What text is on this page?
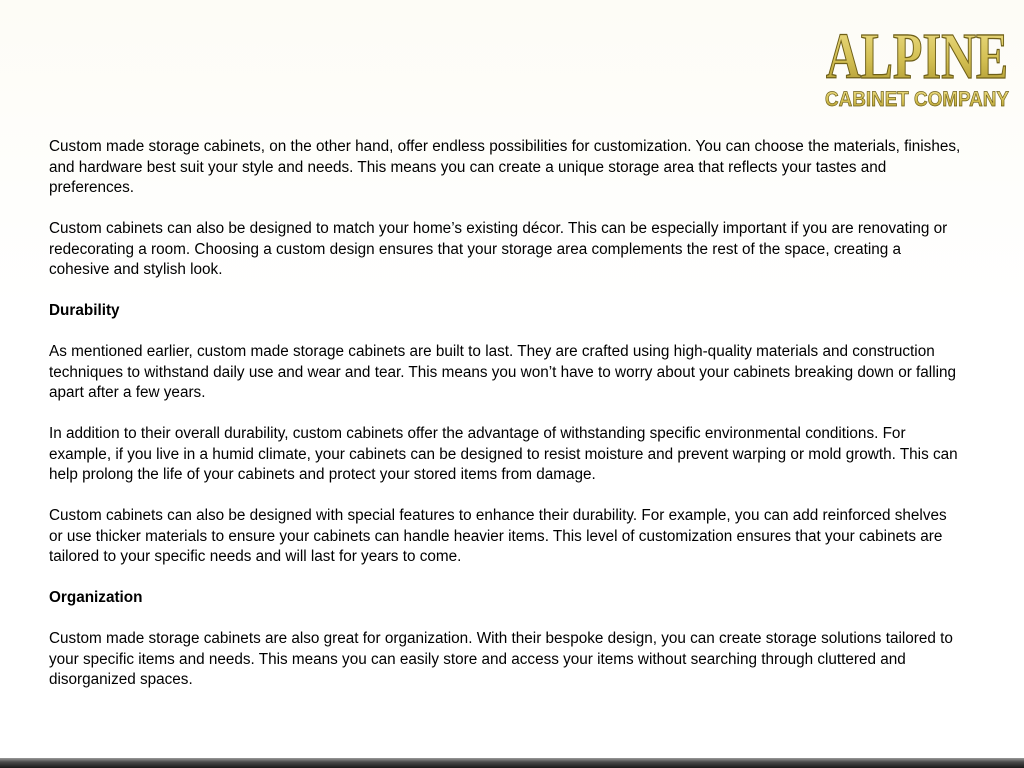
ALPINE
CABINET COMPANY

Custom made storage cabinets, on the other hand, offer endless possibilities for customization. You can choose the materials, finishes, and hardware best suit your style and needs. This means you can create a unique storage area that reflects your tastes and preferences.

Custom cabinets can also be designed to match your home’s existing décor. This can be especially important if you are renovating or redecorating a room. Choosing a custom design ensures that your storage area complements the rest of the space, creating a cohesive and stylish look.

Durability

As mentioned earlier, custom made storage cabinets are built to last. They are crafted using high-quality materials and construction techniques to withstand daily use and wear and tear. This means you won’t have to worry about your cabinets breaking down or falling apart after a few years.

In addition to their overall durability, custom cabinets offer the advantage of withstanding specific environmental conditions. For example, if you live in a humid climate, your cabinets can be designed to resist moisture and prevent warping or mold growth. This can help prolong the life of your cabinets and protect your stored items from damage.

Custom cabinets can also be designed with special features to enhance their durability. For example, you can add reinforced shelves or use thicker materials to ensure your cabinets can handle heavier items. This level of customization ensures that your cabinets are tailored to your specific needs and will last for years to come.

Organization

Custom made storage cabinets are also great for organization. With their bespoke design, you can create storage solutions tailored to your specific items and needs. This means you can easily store and access your items without searching through cluttered and disorganized spaces.
